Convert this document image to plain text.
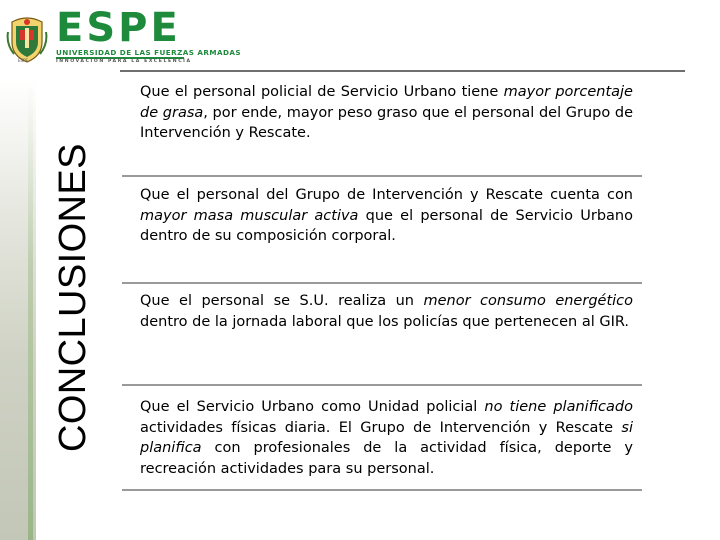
ESPE
ESPE
UNIVERSIDAD DE LAS FUERZAS ARMADAS
INNOVACIÓN PARA LA EXCELENCIA
CONCLUSIONES

Que el personal policial de Servicio Urbano tiene mayor porcentaje de grasa, por ende, mayor peso graso que el personal del Grupo de Intervención y Rescate.

Que el personal del Grupo de Intervención y Rescate cuenta con mayor masa muscular activa que el personal de Servicio Urbano dentro de su composición corporal.

Que el personal se S.U. realiza un menor consumo energético dentro de la jornada laboral que los policías que pertenecen al GIR.

Que el Servicio Urbano como Unidad policial no tiene planificado actividades físicas diaria. El Grupo de Intervención y Rescate si planifica con profesionales de la actividad física, deporte y recreación actividades para su personal.
